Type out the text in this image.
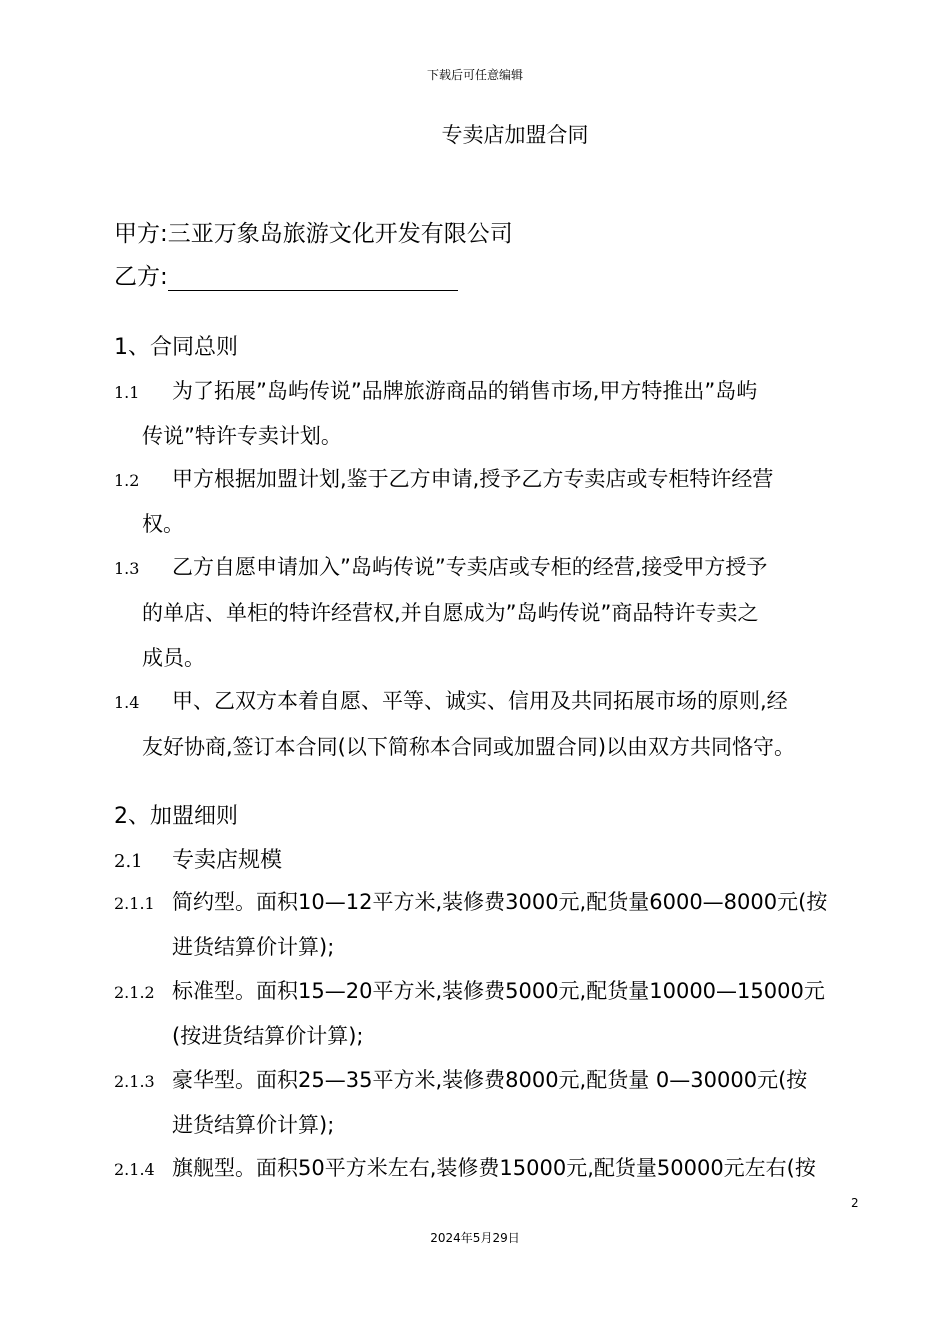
下载后可任意编辑
专卖店加盟合同
甲方:三亚万象岛旅游文化开发有限公司
乙方:
1、合同总则
1.1 为了拓展”岛屿传说”品牌旅游商品的销售市场,甲方特推出”岛屿
传说”特许专卖计划。
1.2 甲方根据加盟计划,鉴于乙方申请,授予乙方专卖店或专柜特许经营
权。
1.3 乙方自愿申请加入”岛屿传说”专卖店或专柜的经营,接受甲方授予
的单店、单柜的特许经营权,并自愿成为”岛屿传说”商品特许专卖之
成员。
1.4 甲、乙双方本着自愿、平等、诚实、信用及共同拓展市场的原则,经
友好协商,签订本合同(以下简称本合同或加盟合同)以由双方共同恪守。
2、加盟细则
2.1 专卖店规模
2.1.1 简约型。面积10—12平方米,装修费3000元,配货量6000—8000元(按
进货结算价计算);
2.1.2 标准型。面积15—20平方米,装修费5000元,配货量10000—15000元
(按进货结算价计算);
2.1.3 豪华型。面积25—35平方米,装修费8000元,配货量 0—30000元(按
进货结算价计算);
2.1.4 旗舰型。面积50平方米左右,装修费15000元,配货量50000元左右(按
2
2024年5月29日
